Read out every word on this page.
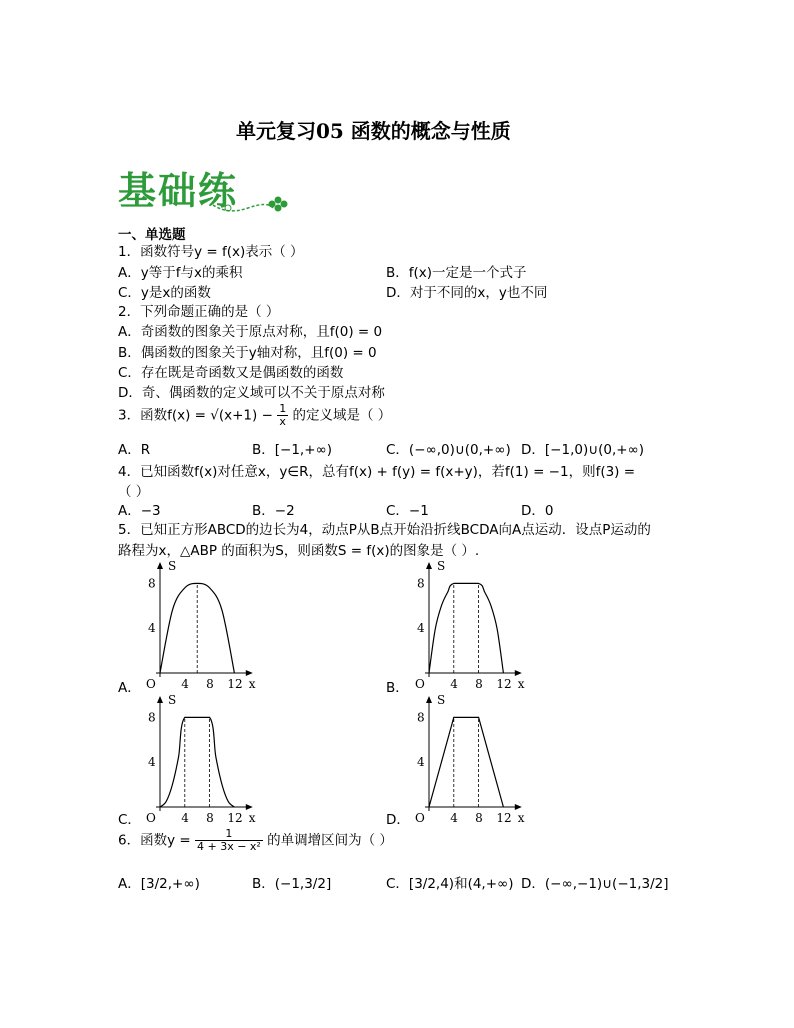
单元复习05 函数的概念与性质
基础练
一、单选题
1．函数符号y = f(x)表示（ ）
A．y等于f与x的乘积	B．f(x)一定是一个式子
C．y是x的函数	D．对于不同的x，y也不同
2．下列命题正确的是（ ）
A．奇函数的图象关于原点对称，且f(0) = 0
B．偶函数的图象关于y轴对称，且f(0) = 0
C．存在既是奇函数又是偶函数的函数
D．奇、偶函数的定义域可以不关于原点对称
3．函数$f(x) = √(x+1) - \frac{1}{x}$ 的定义域是（ ）
A．R	B．[−1,+∞)	C．(−∞,0)∪(0,+∞) D．[−1,0)∪(0,+∞)
4．已知函数f(x)对任意x，y∈R，总有f(x) + f(y) = f(x+y)，若f(1) = −1，则f(3) =
（ ）
A．−3	B．−2	C．−1	D．0
5．已知正方形ABCD的边长为4，动点P从B点开始沿折线BCDA向A点运动．设点P运动的
路程为x，△ABP 的面积为S，则函数S = f(x)的图象是（ ）.
S
x
O
4
8
4 8 12
S
x
O
4
8
4 8 12
S
x
O
4
8
4 8 12
S
x
O
4
8
4 8 12
A．	B．
C．	D．
6．函数$y = \frac{1}{\text{4 + 3x − x²}}$ 的单调增区间为（ ）
A．[3/2,+∞)	B．(−1,3/2]	C．[3/2,4)和(4,+∞) D．(−∞,−1)∪(−1,3/2]
